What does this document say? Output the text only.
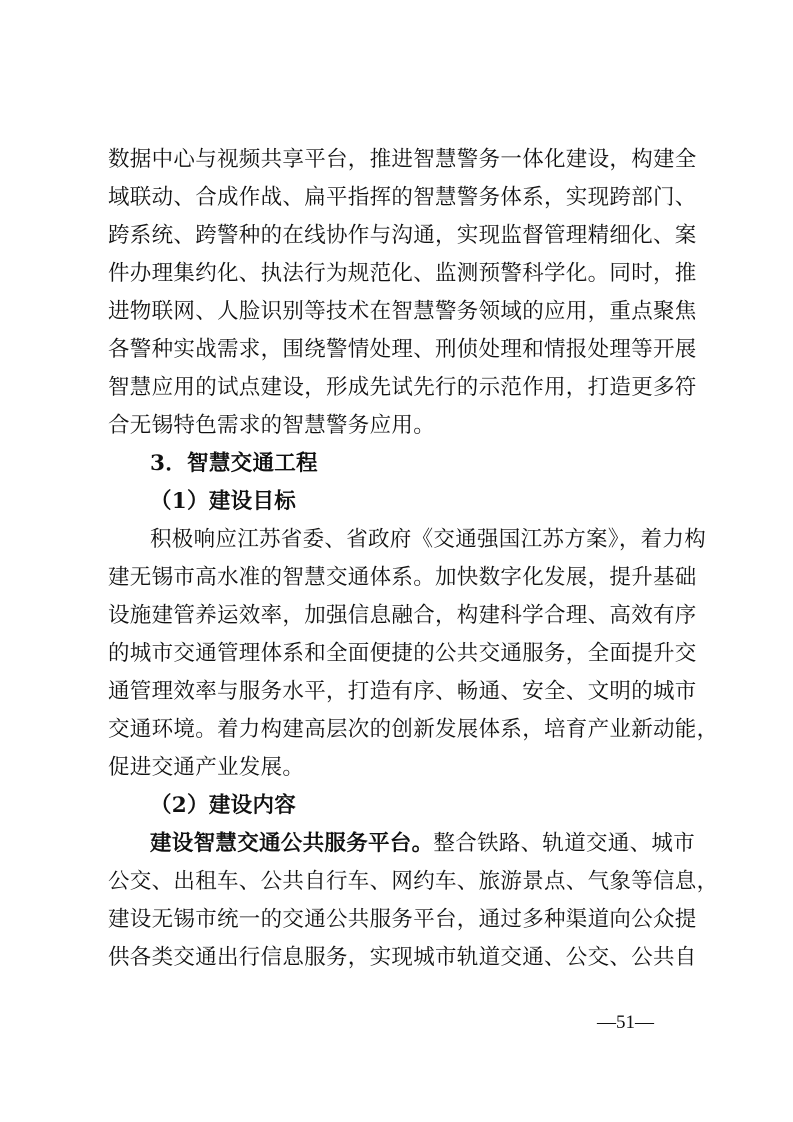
数据中心与视频共享平台，推进智慧警务一体化建设，构建全
域联动、合成作战、扁平指挥的智慧警务体系，实现跨部门、
跨系统、跨警种的在线协作与沟通，实现监督管理精细化、案
件办理集约化、执法行为规范化、监测预警科学化。同时，推
进物联网、人脸识别等技术在智慧警务领域的应用，重点聚焦
各警种实战需求，围绕警情处理、刑侦处理和情报处理等开展
智慧应用的试点建设，形成先试先行的示范作用，打造更多符
合无锡特色需求的智慧警务应用。
3．智慧交通工程
（1）建设目标
积极响应江苏省委、省政府《交通强国江苏方案》，着力构
建无锡市高水准的智慧交通体系。加快数字化发展，提升基础
设施建管养运效率，加强信息融合，构建科学合理、高效有序
的城市交通管理体系和全面便捷的公共交通服务，全面提升交
通管理效率与服务水平，打造有序、畅通、安全、文明的城市
交通环境。着力构建高层次的创新发展体系，培育产业新动能，
促进交通产业发展。
（2）建设内容
建设智慧交通公共服务平台。整合铁路、轨道交通、城市
公交、出租车、公共自行车、网约车、旅游景点、气象等信息，
建设无锡市统一的交通公共服务平台，通过多种渠道向公众提
供各类交通出行信息服务，实现城市轨道交通、公交、公共自
—51—
